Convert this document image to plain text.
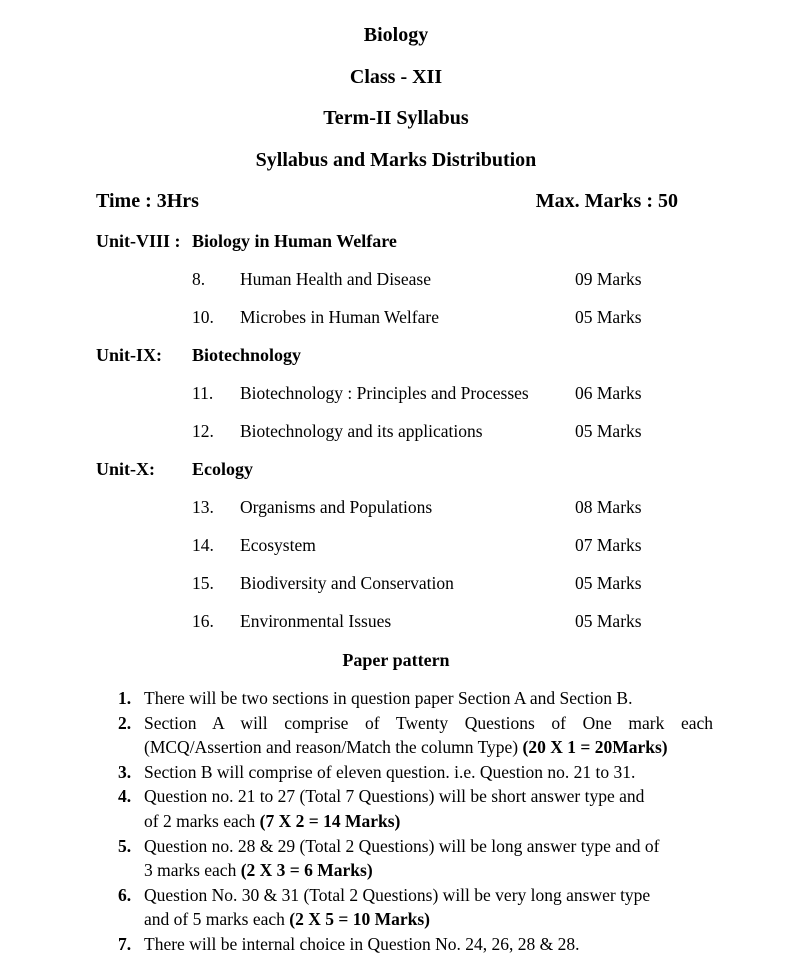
Biology
Class - XII
Term-II Syllabus
Syllabus and Marks Distribution
Time : 3Hrs	Max. Marks : 50
Unit-VIII : Biology in Human Welfare
8. Human Health and Disease	09 Marks
10. Microbes in Human Welfare	05 Marks
Unit-IX: Biotechnology
11. Biotechnology : Principles and Processes	06 Marks
12. Biotechnology and its applications	05 Marks
Unit-X: Ecology
13. Organisms and Populations	08 Marks
14. Ecosystem	07 Marks
15. Biodiversity and Conservation	05 Marks
16. Environmental Issues	05 Marks
Paper pattern
1. There will be two sections in question paper Section A and Section B.
2. Section A will comprise of Twenty Questions of One mark each
(MCQ/Assertion and reason/Match the column Type) (20 X 1 = 20Marks)
3. Section B will comprise of eleven question. i.e. Question no. 21 to 31.
4. Question no. 21 to 27 (Total 7 Questions) will be short answer type and
of 2 marks each (7 X 2 = 14 Marks)
5. Question no. 28 & 29 (Total 2 Questions) will be long answer type and of
3 marks each (2 X 3 = 6 Marks)
6. Question No. 30 & 31 (Total 2 Questions) will be very long answer type
and of 5 marks each (2 X 5 = 10 Marks)
7. There will be internal choice in Question No. 24, 26, 28 & 28.
